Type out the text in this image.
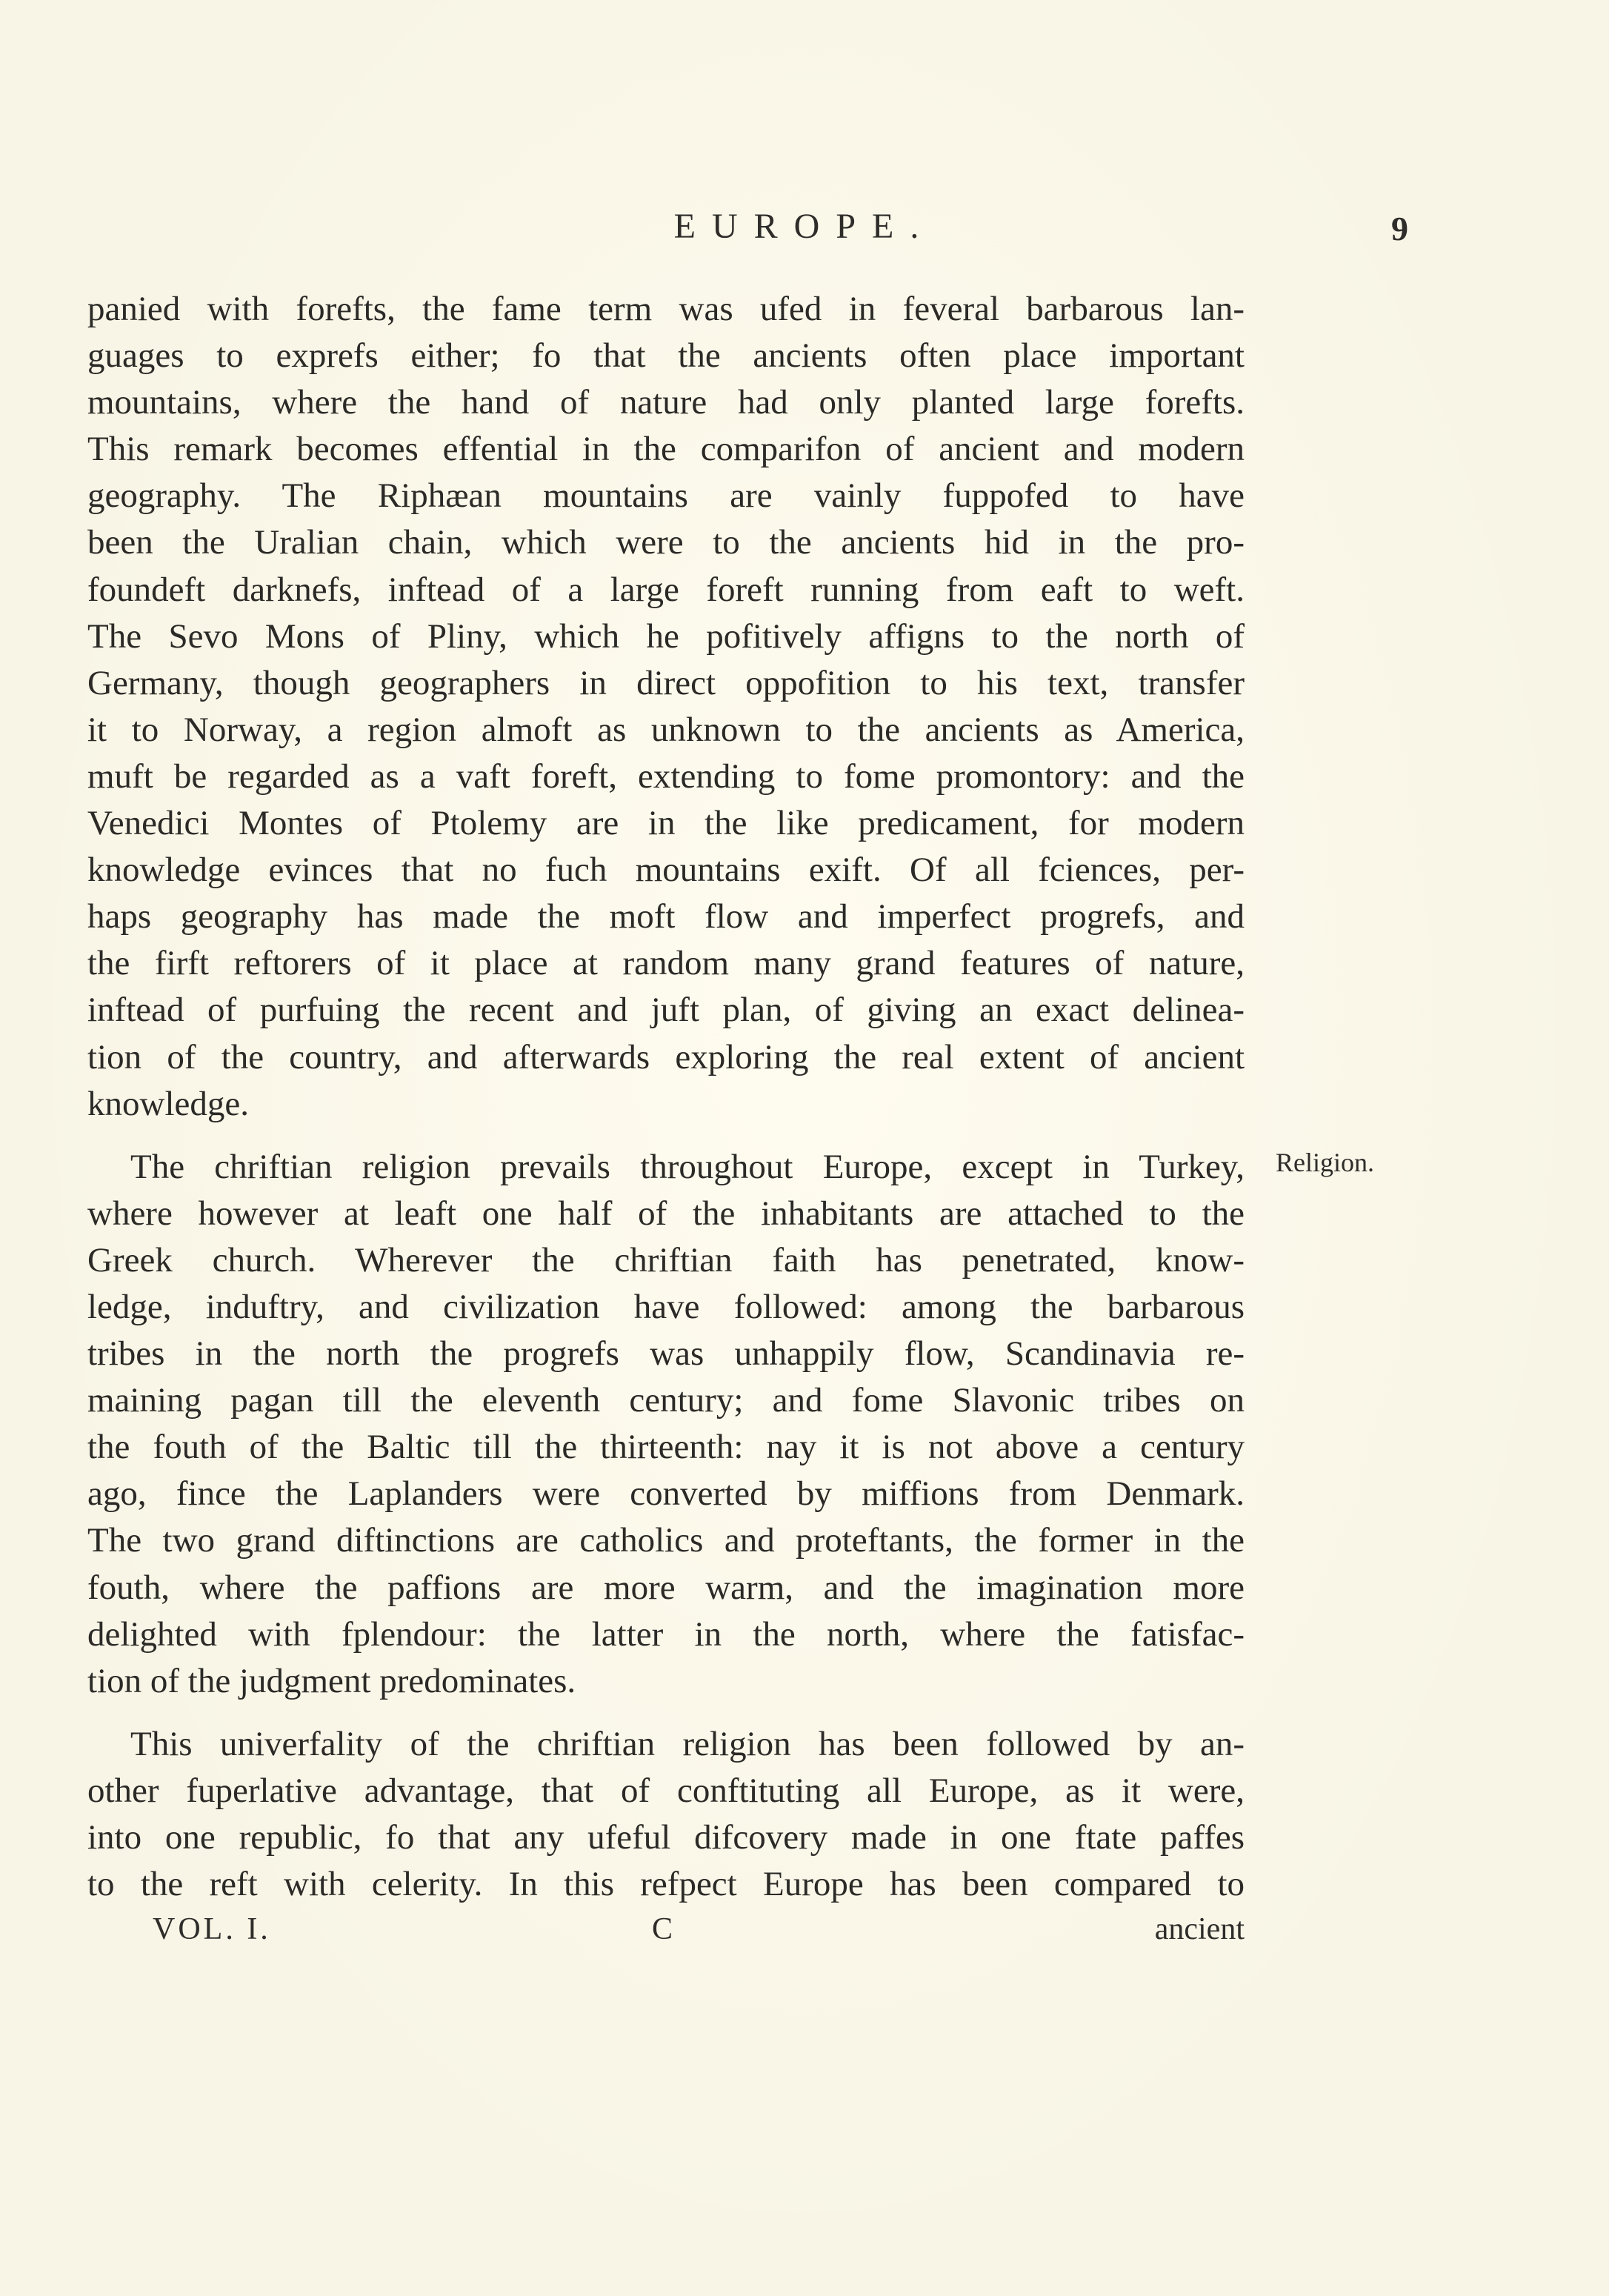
EUROPE.	9
panied with forefts, the fame term was ufed in feveral barbarous lan-
guages to exprefs either; fo that the ancients often place important
mountains, where the hand of nature had only planted large forefts.
This remark becomes effential in the comparifon of ancient and modern
geography. The Riphæan mountains are vainly fuppofed to have
been the Uralian chain, which were to the ancients hid in the pro-
foundeft darknefs, inftead of a large foreft running from eaft to weft.
The Sevo Mons of Pliny, which he pofitively affigns to the north of
Germany, though geographers in direct oppofition to his text, transfer
it to Norway, a region almoft as unknown to the ancients as America,
muft be regarded as a vaft foreft, extending to fome promontory: and the
Venedici Montes of Ptolemy are in the like predicament, for modern
knowledge evinces that no fuch mountains exift. Of all fciences, per-
haps geography has made the moft flow and imperfect progrefs, and
the firft reftorers of it place at random many grand features of nature,
inftead of purfuing the recent and juft plan, of giving an exact delinea-
tion of the country, and afterwards exploring the real extent of ancient
knowledge.
The chriftian religion prevails throughout Europe, except in Turkey,
where however at leaft one half of the inhabitants are attached to the
Greek church. Wherever the chriftian faith has penetrated, know-
ledge, induftry, and civilization have followed: among the barbarous
tribes in the north the progrefs was unhappily flow, Scandinavia re-
maining pagan till the eleventh century; and fome Slavonic tribes on
the fouth of the Baltic till the thirteenth: nay it is not above a century
ago, fince the Laplanders were converted by miffions from Denmark.
The two grand diftinctions are catholics and proteftants, the former in the
fouth, where the paffions are more warm, and the imagination more
delighted with fplendour: the latter in the north, where the fatisfac-
tion of the judgment predominates.
This univerfality of the chriftian religion has been followed by an-
other fuperlative advantage, that of conftituting all Europe, as it were,
into one republic, fo that any ufeful difcovery made in one ftate paffes
to the reft with celerity. In this refpect Europe has been compared to
Religion.
VOL. I.	C	ancient
